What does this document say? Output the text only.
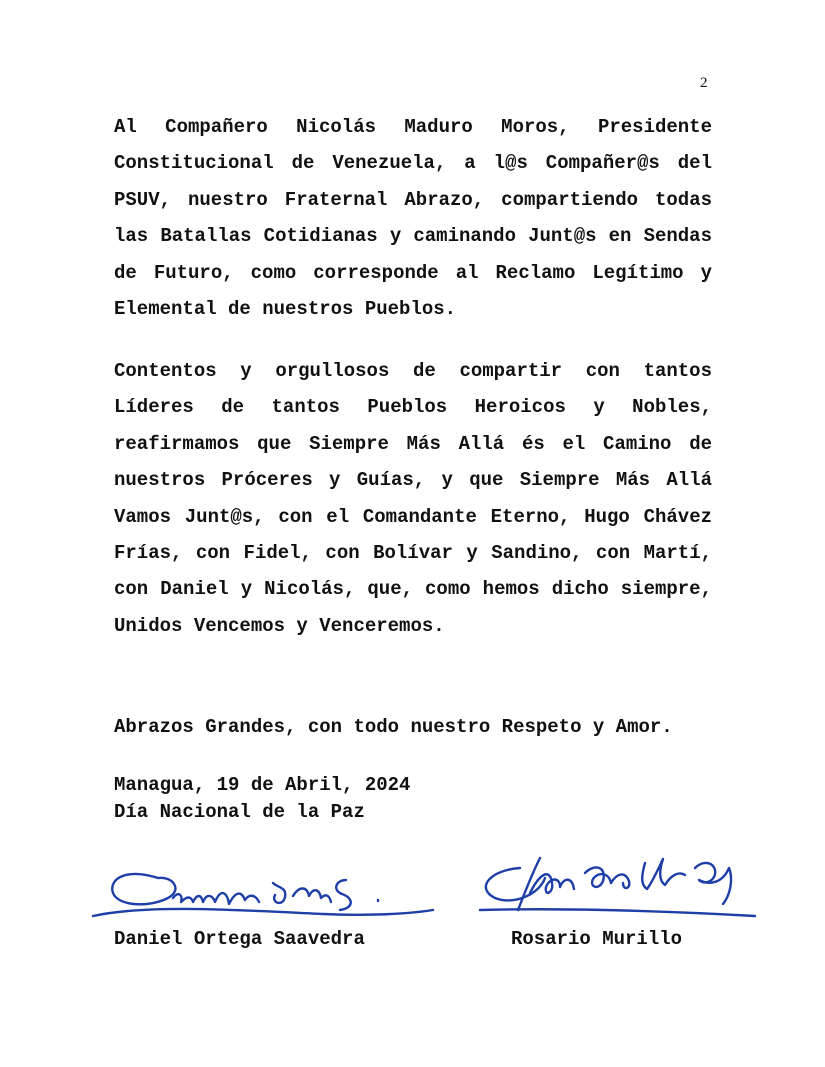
2

Al Compañero Nicolás Maduro Moros, Presidente Constitucional de Venezuela, a l@s Compañer@s del PSUV, nuestro Fraternal Abrazo, compartiendo todas las Batallas Cotidianas y caminando Junt@s en Sendas de Futuro, como corresponde al Reclamo Legítimo y Elemental de nuestros Pueblos.

Contentos y orgullosos de compartir con tantos Líderes de tantos Pueblos Heroicos y Nobles, reafirmamos que Siempre Más Allá és el Camino de nuestros Próceres y Guías, y que Siempre Más Allá Vamos Junt@s, con el Comandante Eterno, Hugo Chávez Frías, con Fidel, con Bolívar y Sandino, con Martí, con Daniel y Nicolás, que, como hemos dicho siempre, Unidos Vencemos y Venceremos.

Abrazos Grandes, con todo nuestro Respeto y Amor.

Managua, 19 de Abril, 2024

Día Nacional de la Paz

Daniel Ortega Saavedra	Rosario Murillo
